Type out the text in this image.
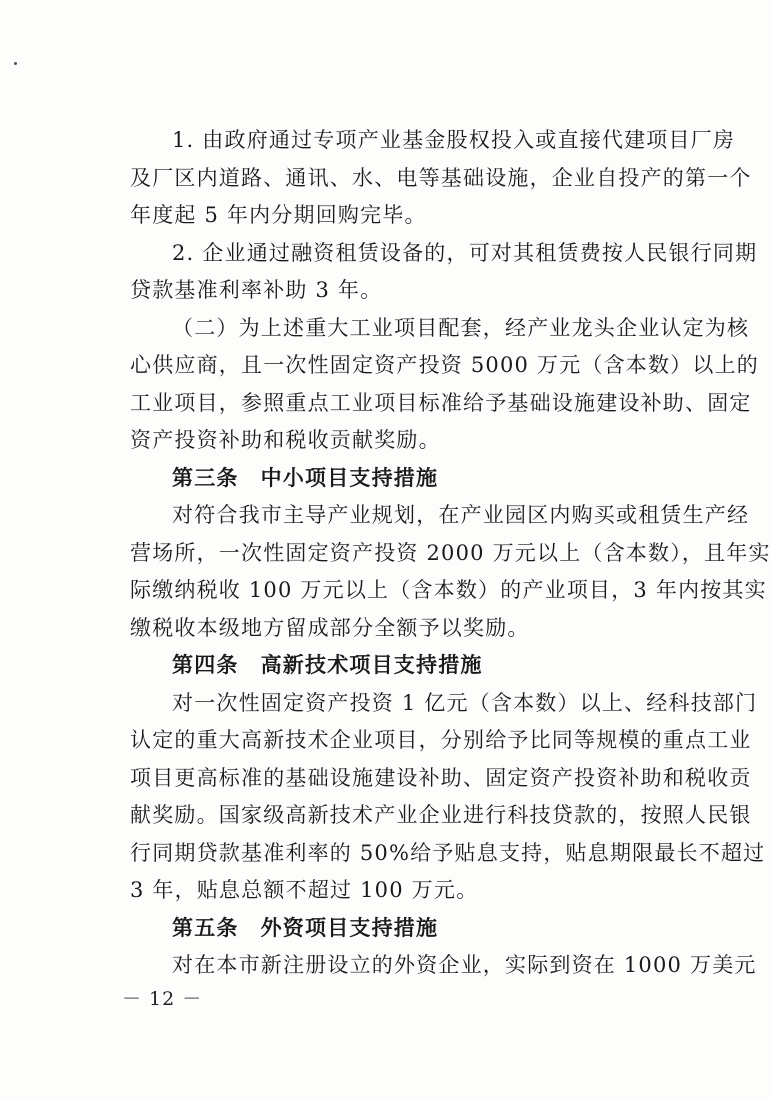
1. 由政府通过专项产业基金股权投入或直接代建项目厂房
及厂区内道路、通讯、水、电等基础设施，企业自投产的第一个
年度起 5 年内分期回购完毕。
2. 企业通过融资租赁设备的，可对其租赁费按人民银行同期
贷款基准利率补助 3 年。
（二）为上述重大工业项目配套，经产业龙头企业认定为核
心供应商，且一次性固定资产投资 5000 万元（含本数）以上的
工业项目，参照重点工业项目标准给予基础设施建设补助、固定
资产投资补助和税收贡献奖励。
第三条 中小项目支持措施
对符合我市主导产业规划，在产业园区内购买或租赁生产经
营场所，一次性固定资产投资 2000 万元以上（含本数），且年实
际缴纳税收 100 万元以上（含本数）的产业项目，3 年内按其实
缴税收本级地方留成部分全额予以奖励。
第四条 高新技术项目支持措施
对一次性固定资产投资 1 亿元（含本数）以上、经科技部门
认定的重大高新技术企业项目，分别给予比同等规模的重点工业
项目更高标准的基础设施建设补助、固定资产投资补助和税收贡
献奖励。国家级高新技术产业企业进行科技贷款的，按照人民银
行同期贷款基准利率的 50%给予贴息支持，贴息期限最长不超过
3 年，贴息总额不超过 100 万元。
第五条 外资项目支持措施
对在本市新注册设立的外资企业，实际到资在 1000 万美元
－ 12 －
